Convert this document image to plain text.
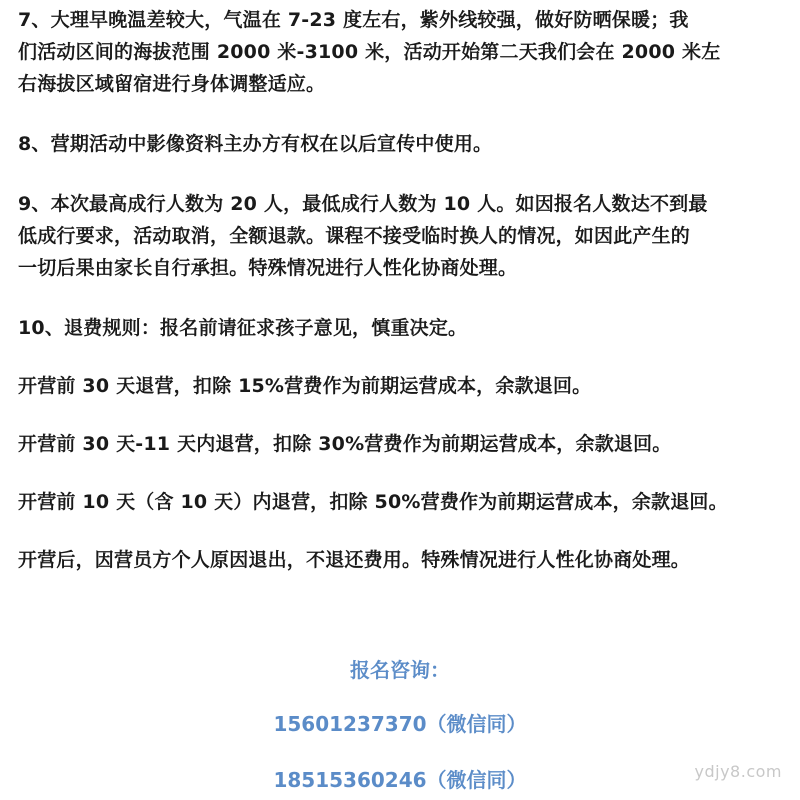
7、大理早晚温差较大，气温在 7-23 度左右，紫外线较强，做好防晒保暖；我
们活动区间的海拔范围 2000 米-3100 米，活动开始第二天我们会在 2000 米左
右海拔区域留宿进行身体调整适应。
8、营期活动中影像资料主办方有权在以后宣传中使用。
9、本次最高成行人数为 20 人，最低成行人数为 10 人。如因报名人数达不到最
低成行要求，活动取消，全额退款。课程不接受临时换人的情况，如因此产生的
一切后果由家长自行承担。特殊情况进行人性化协商处理。
10、退费规则：报名前请征求孩子意见，慎重决定。
开营前 30 天退营，扣除 15%营费作为前期运营成本，余款退回。
开营前 30 天-11 天内退营，扣除 30%营费作为前期运营成本，余款退回。
开营前 10 天（含 10 天）内退营，扣除 50%营费作为前期运营成本，余款退回。
开营后，因营员方个人原因退出，不退还费用。特殊情况进行人性化协商处理。
报名咨询：
15601237370（微信同）
18515360246（微信同）	ydjy8.com
